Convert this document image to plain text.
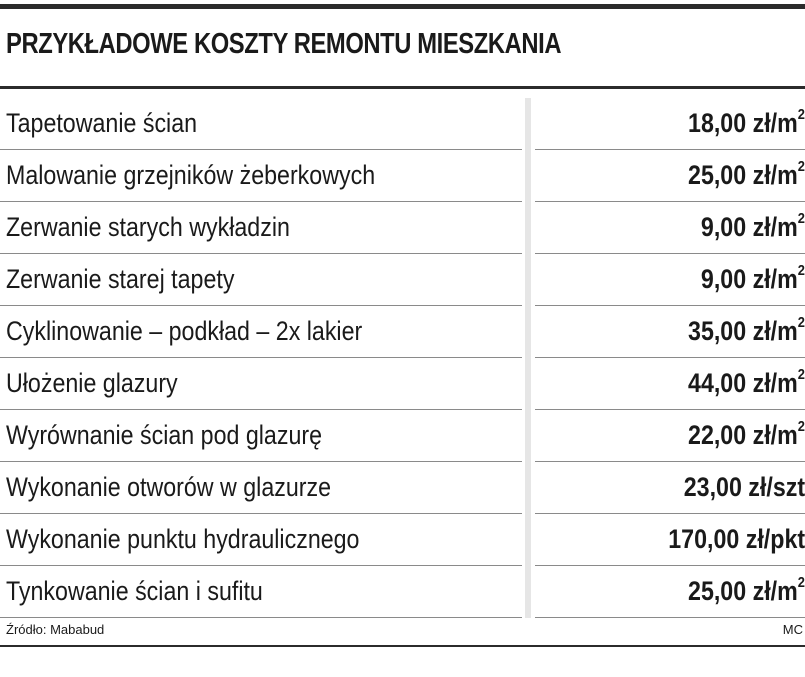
PRZYKŁADOWE KOSZTY REMONTU MIESZKANIA
Tapetowanie ścian	18,00 $zł/m^2$
Malowanie grzejników żeberkowych	25,00 $zł/m^2$
Zerwanie starych wykładzin	9,00 $zł/m^2$
Zerwanie starej tapety	9,00 $zł/m^2$
Cyklinowanie – podkład – 2x lakier	35,00 $zł/m^2$
Ułożenie glazury	44,00 $zł/m^2$
Wyrównanie ścian pod glazurę	22,00 $zł/m^2$
Wykonanie otworów w glazurze	23,00 zł/szt
Wykonanie punktu hydraulicznego	170,00 zł/pkt
Tynkowanie ścian i sufitu	25,00 $zł/m^2$
Źródło: Mababud	MC
